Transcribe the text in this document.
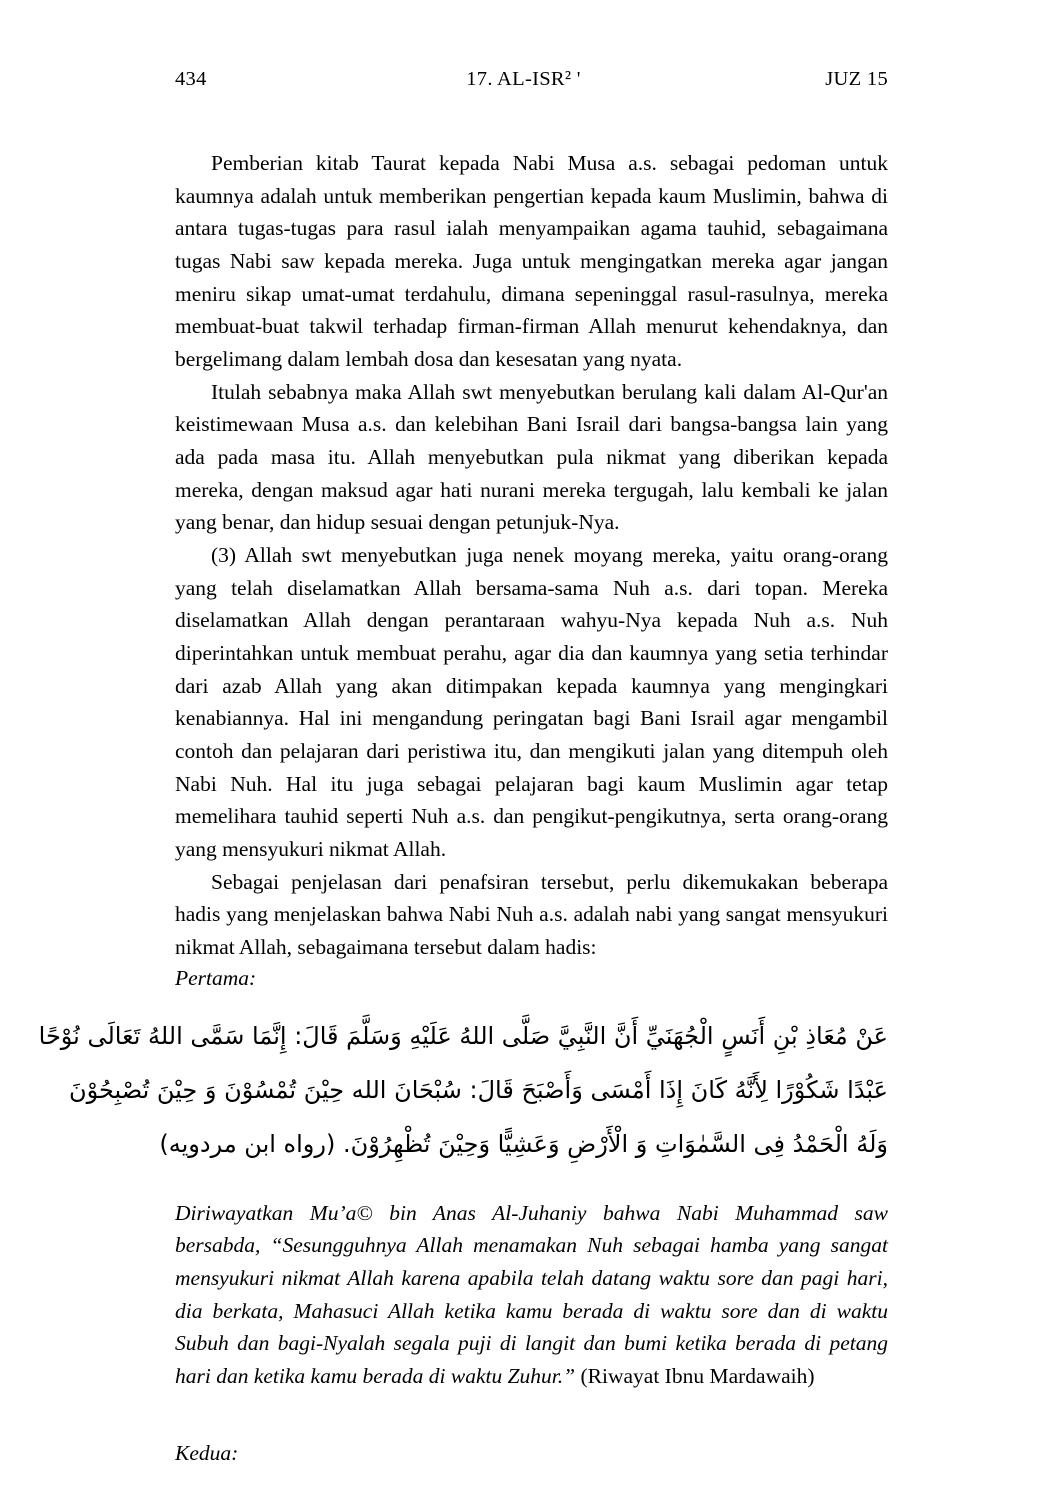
434	17. AL-ISR² '	JUZ 15

Pemberian kitab Taurat kepada Nabi Musa a.s. sebagai pedoman untuk kaumnya adalah untuk memberikan pengertian kepada kaum Muslimin, bahwa di antara tugas-tugas para rasul ialah menyampaikan agama tauhid, sebagaimana tugas Nabi saw kepada mereka. Juga untuk mengingatkan mereka agar jangan meniru sikap umat-umat terdahulu, dimana sepeninggal rasul-rasulnya, mereka membuat-buat takwil terhadap firman-firman Allah menurut kehendaknya, dan bergelimang dalam lembah dosa dan kesesatan yang nyata.

Itulah sebabnya maka Allah swt menyebutkan berulang kali dalam Al-Qur'an keistimewaan Musa a.s. dan kelebihan Bani Israil dari bangsa-bangsa lain yang ada pada masa itu. Allah menyebutkan pula nikmat yang diberikan kepada mereka, dengan maksud agar hati nurani mereka tergugah, lalu kembali ke jalan yang benar, dan hidup sesuai dengan petunjuk-Nya.

(3) Allah swt menyebutkan juga nenek moyang mereka, yaitu orang-orang yang telah diselamatkan Allah bersama-sama Nuh a.s. dari topan. Mereka diselamatkan Allah dengan perantaraan wahyu-Nya kepada Nuh a.s. Nuh diperintahkan untuk membuat perahu, agar dia dan kaumnya yang setia terhindar dari azab Allah yang akan ditimpakan kepada kaumnya yang mengingkari kenabiannya. Hal ini mengandung peringatan bagi Bani Israil agar mengambil contoh dan pelajaran dari peristiwa itu, dan mengikuti jalan yang ditempuh oleh Nabi Nuh. Hal itu juga sebagai pelajaran bagi kaum Muslimin agar tetap memelihara tauhid seperti Nuh a.s. dan pengikut-pengikutnya, serta orang-orang yang mensyukuri nikmat Allah.

Sebagai penjelasan dari penafsiran tersebut, perlu dikemukakan beberapa hadis yang menjelaskan bahwa Nabi Nuh a.s. adalah nabi yang sangat mensyukuri nikmat Allah, sebagaimana tersebut dalam hadis:

Pertama:

عَنْ مُعَاذِ بْنِ أَنَسٍ الْجُهَنَيِّ أَنَّ النَّبِيَّ صَلَّى اللهُ عَلَيْهِ وَسَلَّمَ قَالَ: إِنَّمَا سَمَّى اللهُ تَعَالَى نُوْحًا
عَبْدًا شَكُوْرًا لِأَنَّهُ كَانَ إِذَا أَمْسَى وَأَصْبَحَ قَالَ: سُبْحَانَ الله حِيْنَ تُمْسُوْنَ وَ حِيْنَ تُصْبِحُوْنَ
وَلَهُ الْحَمْدُ فِى السَّمٰوَاتِ وَ الْأَرْضِ وَعَشِيًّا وَحِيْنَ تُظْهِرُوْنَ. (رواه ابن مردويه)

Diriwayatkan Mu’a© bin Anas Al-Juhaniy bahwa Nabi Muhammad saw bersabda, “Sesungguhnya Allah menamakan Nuh sebagai hamba yang sangat mensyukuri nikmat Allah karena apabila telah datang waktu sore dan pagi hari, dia berkata, Mahasuci Allah ketika kamu berada di waktu sore dan di waktu Subuh dan bagi-Nyalah segala puji di langit dan bumi ketika berada di petang hari dan ketika kamu berada di waktu Zuhur.” (Riwayat Ibnu Mardawaih)

Kedua:
